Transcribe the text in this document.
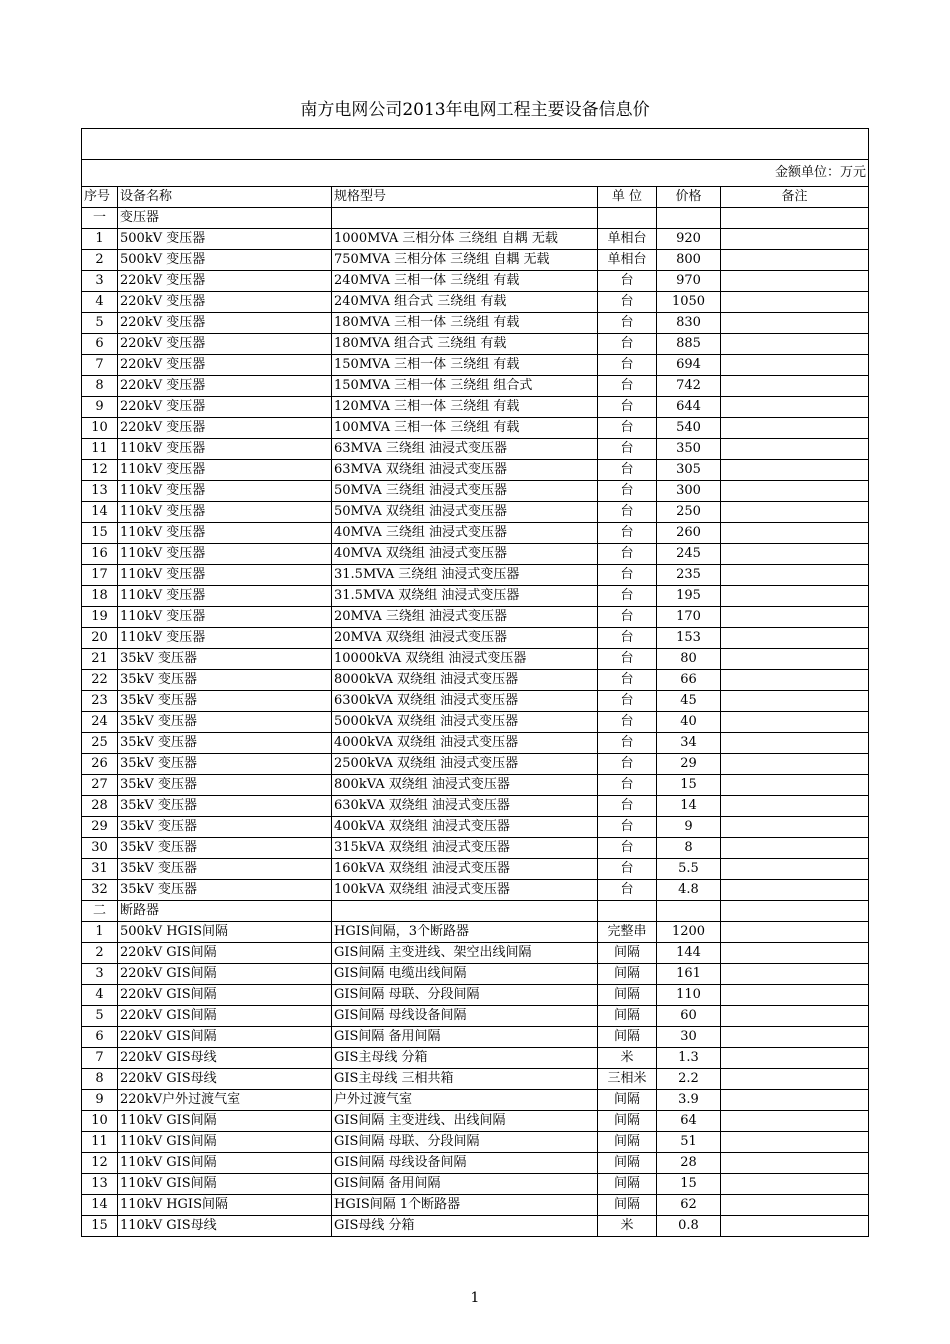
南方电网公司2013年电网工程主要设备信息价

金额单位：万元					
序号	设备名称	规格型号	单 位	价格	备注
一	变压器				
1	500kV 变压器	1000MVA 三相分体 三绕组 自耦 无载	单相台	920	
2	500kV 变压器	750MVA 三相分体 三绕组 自耦 无载	单相台	800	
3	220kV 变压器	240MVA 三相一体 三绕组 有载	台	970	
4	220kV 变压器	240MVA 组合式 三绕组 有载	台	1050	
5	220kV 变压器	180MVA 三相一体 三绕组 有载	台	830	
6	220kV 变压器	180MVA 组合式 三绕组 有载	台	885	
7	220kV 变压器	150MVA 三相一体 三绕组 有载	台	694	
8	220kV 变压器	150MVA 三相一体 三绕组 组合式	台	742	
9	220kV 变压器	120MVA 三相一体 三绕组 有载	台	644	
10	220kV 变压器	100MVA 三相一体 三绕组 有载	台	540	
11	110kV 变压器	63MVA 三绕组 油浸式变压器	台	350	
12	110kV 变压器	63MVA 双绕组 油浸式变压器	台	305	
13	110kV 变压器	50MVA 三绕组 油浸式变压器	台	300	
14	110kV 变压器	50MVA 双绕组 油浸式变压器	台	250	
15	110kV 变压器	40MVA 三绕组 油浸式变压器	台	260	
16	110kV 变压器	40MVA 双绕组 油浸式变压器	台	245	
17	110kV 变压器	31.5MVA 三绕组 油浸式变压器	台	235	
18	110kV 变压器	31.5MVA 双绕组 油浸式变压器	台	195	
19	110kV 变压器	20MVA 三绕组 油浸式变压器	台	170	
20	110kV 变压器	20MVA 双绕组 油浸式变压器	台	153	
21	35kV 变压器	10000kVA 双绕组 油浸式变压器	台	80	
22	35kV 变压器	8000kVA 双绕组 油浸式变压器	台	66	
23	35kV 变压器	6300kVA 双绕组 油浸式变压器	台	45	
24	35kV 变压器	5000kVA 双绕组 油浸式变压器	台	40	
25	35kV 变压器	4000kVA 双绕组 油浸式变压器	台	34	
26	35kV 变压器	2500kVA 双绕组 油浸式变压器	台	29	
27	35kV 变压器	800kVA 双绕组 油浸式变压器	台	15	
28	35kV 变压器	630kVA 双绕组 油浸式变压器	台	14	
29	35kV 变压器	400kVA 双绕组 油浸式变压器	台	9	
30	35kV 变压器	315kVA 双绕组 油浸式变压器	台	8	
31	35kV 变压器	160kVA 双绕组 油浸式变压器	台	5.5	
32	35kV 变压器	100kVA 双绕组 油浸式变压器	台	4.8	
二	断路器				
1	500kV HGIS间隔	HGIS间隔，3个断路器	完整串	1200	
2	220kV GIS间隔	GIS间隔 主变进线、架空出线间隔	间隔	144	
3	220kV GIS间隔	GIS间隔 电缆出线间隔	间隔	161	
4	220kV GIS间隔	GIS间隔 母联、分段间隔	间隔	110	
5	220kV GIS间隔	GIS间隔 母线设备间隔	间隔	60	
6	220kV GIS间隔	GIS间隔 备用间隔	间隔	30	
7	220kV GIS母线	GIS主母线 分箱	米	1.3	
8	220kV GIS母线	GIS主母线 三相共箱	三相米	2.2	
9	220kV户外过渡气室	户外过渡气室	间隔	3.9	
10	110kV GIS间隔	GIS间隔 主变进线、出线间隔	间隔	64	
11	110kV GIS间隔	GIS间隔 母联、分段间隔	间隔	51	
12	110kV GIS间隔	GIS间隔 母线设备间隔	间隔	28	
13	110kV GIS间隔	GIS间隔 备用间隔	间隔	15	
14	110kV HGIS间隔	HGIS间隔 1个断路器	间隔	62	
15	110kV GIS母线	GIS母线 分箱	米	0.8	
1
